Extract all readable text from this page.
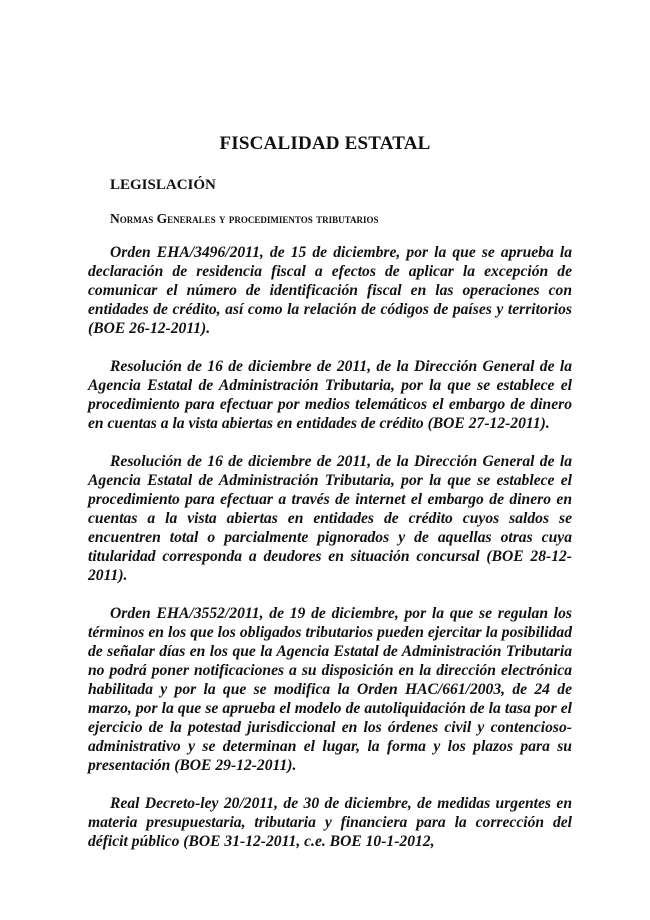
FISCALIDAD ESTATAL
LEGISLACIÓN
Normas Generales y procedimientos tributarios

Orden EHA/3496/2011, de 15 de diciembre, por la que se aprueba la declaración de residencia fiscal a efectos de aplicar la excepción de comunicar el número de identificación fiscal en las operaciones con entidades de crédito, así como la relación de códigos de países y territorios (BOE 26-12-2011).

Resolución de 16 de diciembre de 2011, de la Dirección General de la Agencia Estatal de Administración Tributaria, por la que se establece el procedimiento para efectuar por medios telemáticos el embargo de dinero en cuentas a la vista abiertas en entidades de crédito (BOE 27-12-2011).

Resolución de 16 de diciembre de 2011, de la Dirección General de la Agencia Estatal de Administración Tributaria, por la que se establece el procedimiento para efectuar a través de internet el embargo de dinero en cuentas a la vista abiertas en entidades de crédito cuyos saldos se encuentren total o parcialmente pignorados y de aquellas otras cuya titularidad corresponda a deudores en situación concursal (BOE 28-12-2011).

Orden EHA/3552/2011, de 19 de diciembre, por la que se regulan los términos en los que los obligados tributarios pueden ejercitar la posibilidad de señalar días en los que la Agencia Estatal de Administración Tributaria no podrá poner notificaciones a su disposición en la dirección electrónica habilitada y por la que se modifica la Orden HAC/661/2003, de 24 de marzo, por la que se aprueba el modelo de autoliquidación de la tasa por el ejercicio de la potestad jurisdiccional en los órdenes civil y contencioso-administrativo y se determinan el lugar, la forma y los plazos para su presentación (BOE 29-12-2011).

Real Decreto-ley 20/2011, de 30 de diciembre, de medidas urgentes en materia presupuestaria, tributaria y financiera para la corrección del déficit público (BOE 31-12-2011, c.e. BOE 10-1-2012,
